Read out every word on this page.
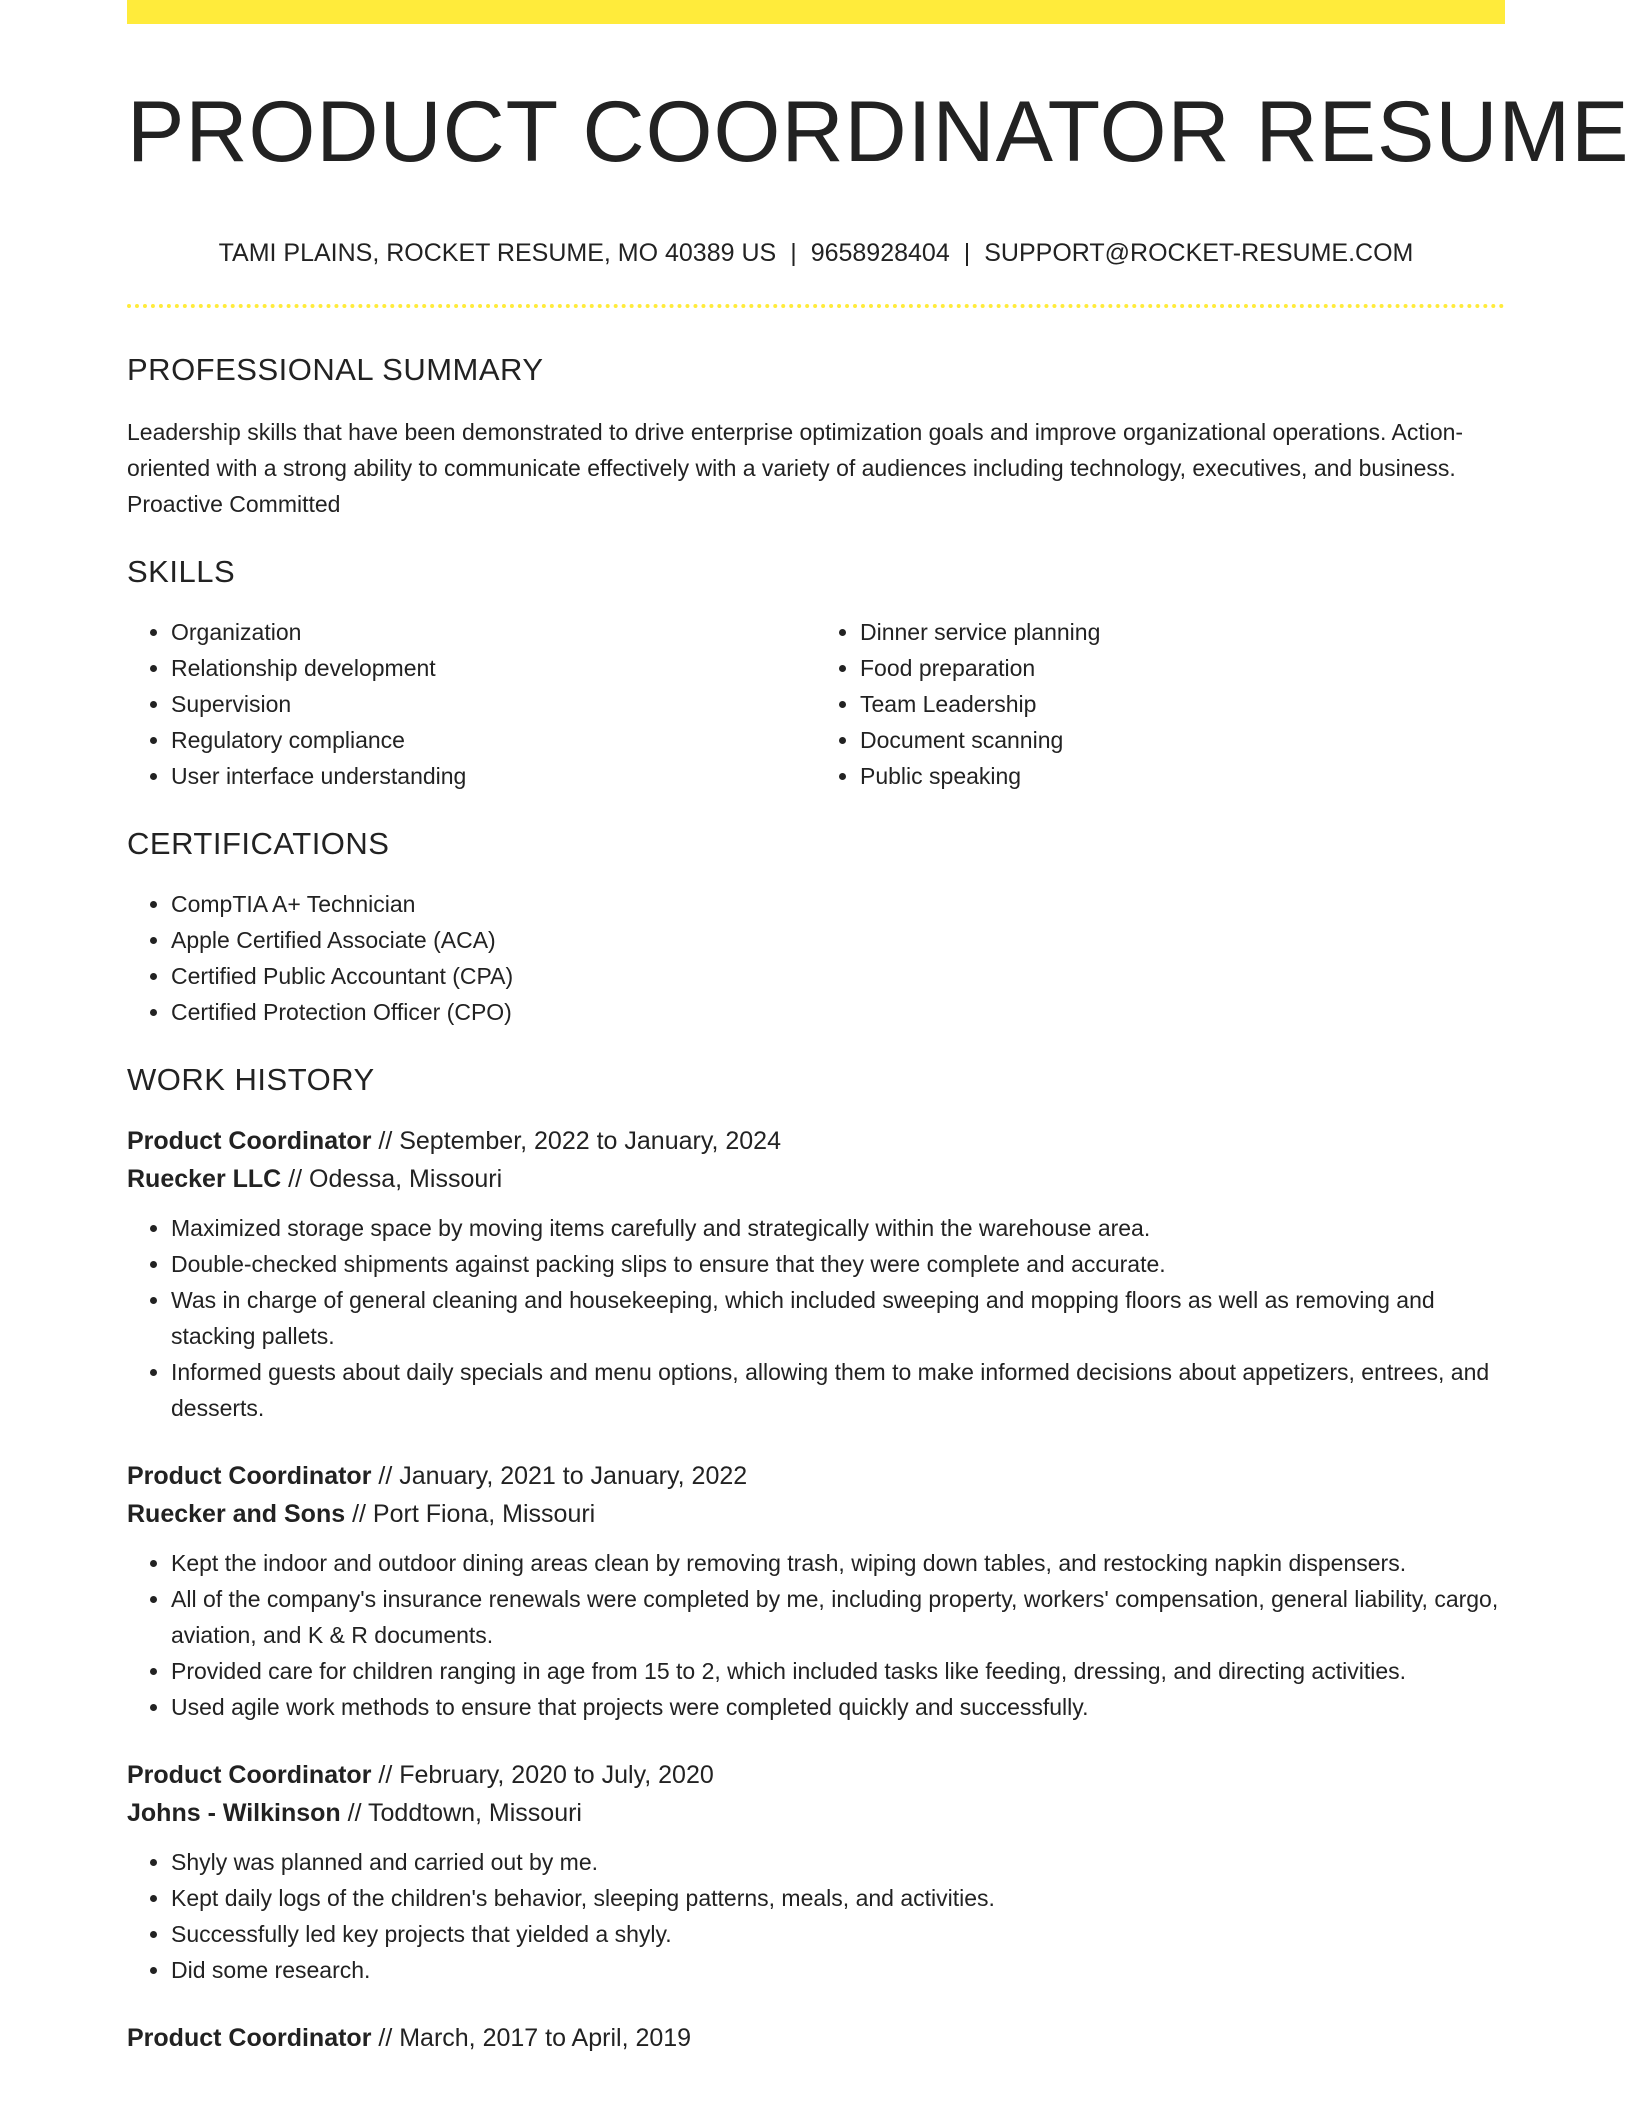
PRODUCT COORDINATOR RESUME
TAMI PLAINS, ROCKET RESUME, MO 40389 US | 9658928404 | SUPPORT@ROCKET-RESUME.COM
PROFESSIONAL SUMMARY
Leadership skills that have been demonstrated to drive enterprise optimization goals and improve organizational operations. Action-oriented with a strong ability to communicate effectively with a variety of audiences including technology, executives, and business. Proactive Committed
SKILLS
• Organization
• Relationship development
• Supervision
• Regulatory compliance
• User interface understanding
• Dinner service planning
• Food preparation
• Team Leadership
• Document scanning
• Public speaking
CERTIFICATIONS
• CompTIA A+ Technician
• Apple Certified Associate (ACA)
• Certified Public Accountant (CPA)
• Certified Protection Officer (CPO)
WORK HISTORY
Product Coordinator // September, 2022 to January, 2024
Ruecker LLC // Odessa, Missouri
• Maximized storage space by moving items carefully and strategically within the warehouse area.
• Double-checked shipments against packing slips to ensure that they were complete and accurate.
• Was in charge of general cleaning and housekeeping, which included sweeping and mopping floors as well as removing and stacking pallets.
• Informed guests about daily specials and menu options, allowing them to make informed decisions about appetizers, entrees, and desserts.
Product Coordinator // January, 2021 to January, 2022
Ruecker and Sons // Port Fiona, Missouri
• Kept the indoor and outdoor dining areas clean by removing trash, wiping down tables, and restocking napkin dispensers.
• All of the company's insurance renewals were completed by me, including property, workers' compensation, general liability, cargo, aviation, and K & R documents.
• Provided care for children ranging in age from 15 to 2, which included tasks like feeding, dressing, and directing activities.
• Used agile work methods to ensure that projects were completed quickly and successfully.
Product Coordinator // February, 2020 to July, 2020
Johns - Wilkinson // Toddtown, Missouri
• Shyly was planned and carried out by me.
• Kept daily logs of the children's behavior, sleeping patterns, meals, and activities.
• Successfully led key projects that yielded a shyly.
• Did some research.
Product Coordinator // March, 2017 to April, 2019
